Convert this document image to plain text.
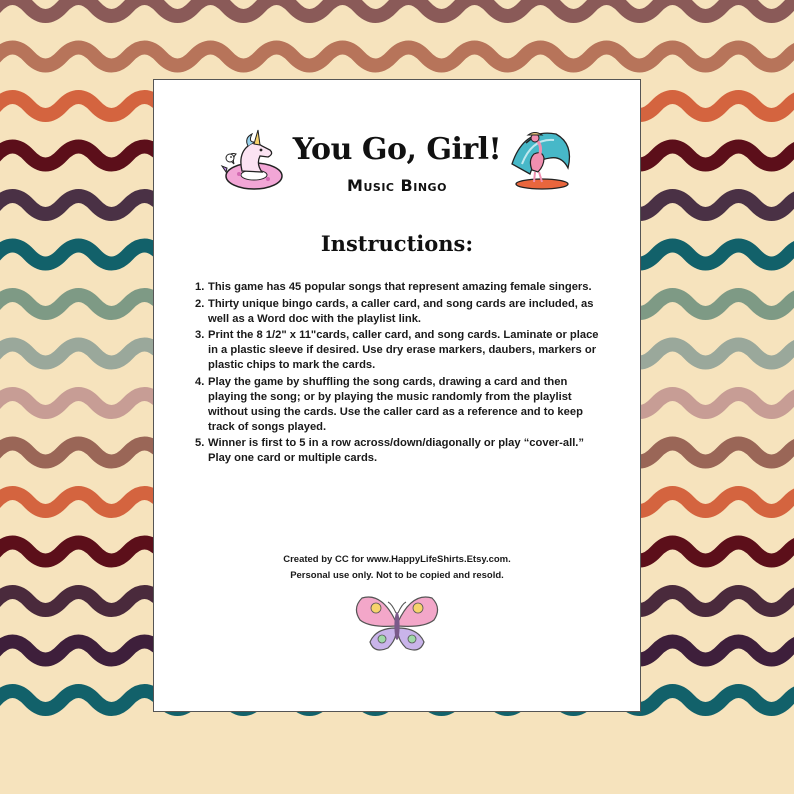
You Go, Girl!
Music Bingo
Instructions:
1. This game has 45 popular songs that represent amazing female singers.
2. Thirty unique bingo cards, a caller card, and song cards are included, as well as a Word doc with the playlist link.
3. Print the 8 1/2" x 11"cards, caller card, and song cards. Laminate or place in a plastic sleeve if desired. Use dry erase markers, daubers, markers or plastic chips to mark the cards.
4. Play the game by shuffling the song cards, drawing a card and then playing the song; or by playing the music randomly from the playlist without using the cards. Use the caller card as a reference and to keep track of songs played.
5. Winner is first to 5 in a row across/down/diagonally or play “cover-all.” Play one card or multiple cards.
Created by CC for www.HappyLifeShirts.Etsy.com.
Personal use only. Not to be copied and resold.
